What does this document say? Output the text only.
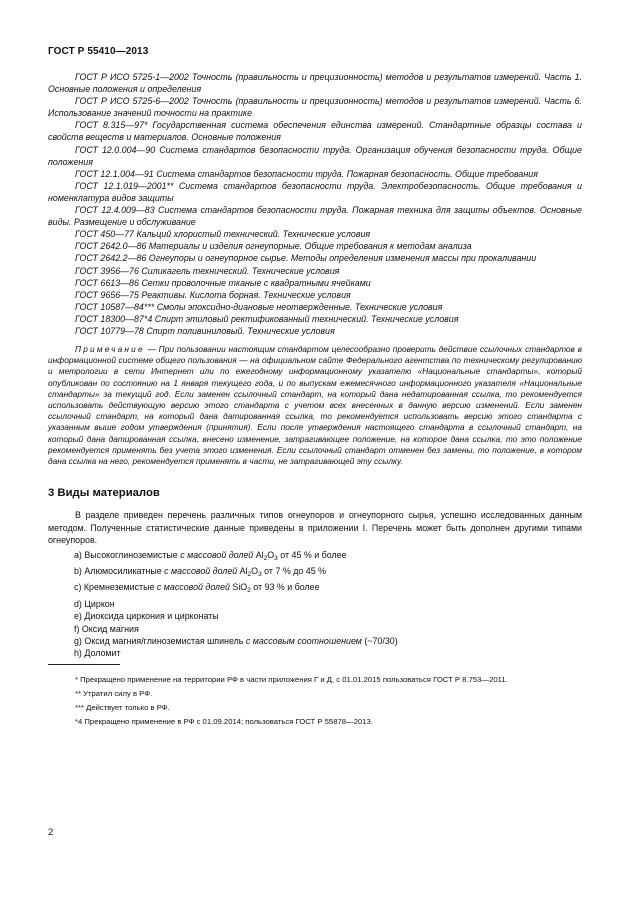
ГОСТ Р 55410—2013

ГОСТ Р ИСО 5725-1—2002 Точность (правильность и прецизионность) методов и результатов измерений. Часть 1. Основные положения и определения

ГОСТ Р ИСО 5725-6—2002 Точность (правильность и прецизионность) методов и результатов измерений. Часть 6. Использование значений точности на практике

ГОСТ 8.315—97* Государственная система обеспечения единства измерений. Стандартные образцы состава и свойств веществ и материалов. Основные положения

ГОСТ 12.0.004—90 Система стандартов безопасности труда. Организация обучения безопасности труда. Общие положения

ГОСТ 12.1.004—91 Система стандартов безопасности труда. Пожарная безопасность. Общие требования

ГОСТ 12.1.019—2001** Система стандартов безопасности труда. Электробезопасность. Общие требования и номенклатура видов защиты

ГОСТ 12.4.009—83 Система стандартов безопасности труда. Пожарная техника для защиты объектов. Основные виды. Размещение и обслуживание

ГОСТ 450—77 Кальций хлористый технический. Технические условия

ГОСТ 2642.0—86 Материалы и изделия огнеупорные. Общие требования к методам анализа

ГОСТ 2642.2—86 Огнеупоры и огнеупорное сырье. Методы определения изменения массы при прокаливании

ГОСТ 3956—76 Силикагель технический. Технические условия

ГОСТ 6613—86 Сетки проволочные тканые с квадратными ячейками

ГОСТ 9656—75 Реактивы. Кислота борная. Технические условия

ГОСТ 10587—84*** Смолы эпоксидно-диановые неотвержденные. Технические условия

ГОСТ 18300—87*4 Спирт этиловый ректификованный технический. Технические условия

ГОСТ 10779—78 Спирт поливиниловый. Технические условия

Примечание — При пользовании настоящим стандартом целесообразно проверить действие ссылочных стандартов в информационной системе общего пользования — на официальном сайте Федерального агентства по техническому регулированию и метрологии в сети Интернет или по ежегодному информационному указателю «Национальные стандарты», который опубликован по состоянию на 1 января текущего года, и по выпускам ежемесячного информационного указателя «Национальные стандарты» за текущий год. Если заменен ссылочный стандарт, на который дана недатированная ссылка, то рекомендуется использовать действующую версию этого стандарта с учетом всех внесенных в данную версию изменений. Если заменен ссылочный стандарт, на который дана датированная ссылка, то рекомендуется использовать версию этого стандарта с указанным выше годом утверждения (принятия). Если после утверждения настоящего стандарта в ссылочный стандарт, на который дана датированная ссылка, внесено изменение, затрагивающее положение, на которое дана ссылка, то это положение рекомендуется применять без учета этого изменения. Если ссылочный стандарт отменен без замены, то положение, в котором дана ссылка на него, рекомендуется применять в части, не затрагивающей эту ссылку.
3 Виды материалов
В разделе приведен перечень различных типов огнеупоров и огнеупорного сырья, успешно исследованных данным методом. Полученные статистические данные приведены в приложении I. Перечень может быть дополнен другими типами огнеупоров.
a) Высокоглиноземистые с массовой долей $Al_2O_3$ от 45 % и более
b) Алюмосиликатные с массовой долей $Al_2O_3$ от 7 % до 45 %
c) Кремнеземистые с массовой долей SiO$_2$ от 93 % и более
d) Циркон
e) Диоксида циркония и цирконаты
f) Оксид магния
g) Оксид магния/глиноземистая шпинель с массовым соотношением (~70/30)
h) Доломит

* Прекращено применение на территории РФ в части приложения Г и Д, с 01.01.2015 пользоваться ГОСТ Р 8.753—2011.

** Утратил силу в РФ.

*** Действует только в РФ.

*4 Прекращено применение в РФ с 01.09.2014; пользоваться ГОСТ Р 55878—2013.

2
